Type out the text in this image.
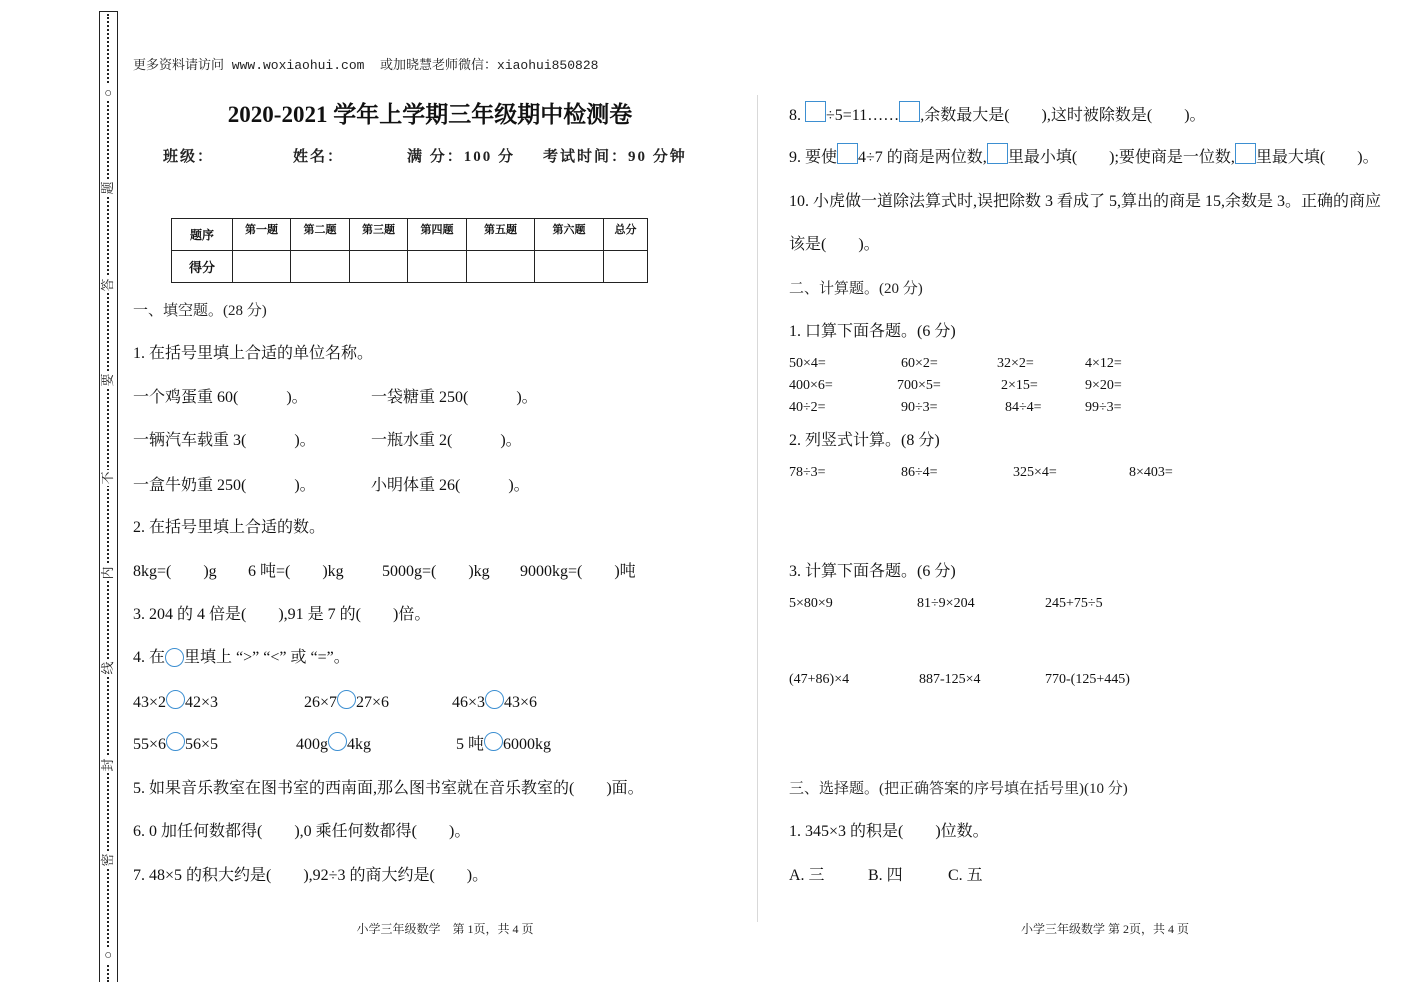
○
题
答
要
不
内
线
封
密
○
更多资料请访问 www.woxiaohui.com  或加晓慧老师微信：xiaohui850828
2020-2021 学年上学期三年级期中检测卷
班级：	姓名：	满 分：100 分 考试时间：90 分钟
题序	第一题	第二题	第三题	第四题	第五题	第六题	总分
得分							
一、填空题。(28 分)
1. 在括号里填上合适的单位名称。
一个鸡蛋重 60(   )。	一袋糖重 250(   )。
一辆汽车载重 3(   )。	一瓶水重 2(   )。
一盒牛奶重 250(   )。	小明体重 26(   )。
2. 在括号里填上合适的数。
8kg=(  )g 6 吨=(  )kg 5000g=(  )kg 9000kg=(  )吨
3. 204 的 4 倍是(  ),91 是 7 的(  )倍。
4. 在 里填上 “>” “<” 或 “=”。
43×2 42×3	26×7 27×6	46×3 43×6
55×6 56×5	400g 4kg	5 吨 6000kg
5. 如果音乐教室在图书室的西南面,那么图书室就在音乐教室的(  )面。
6. 0 加任何数都得(  ),0 乘任何数都得(  )。
7. 48×5 的积大约是(  ),92÷3 的商大约是(  )。
小学三年级数学　第 1页，共 4 页
8. ÷5=11…… ,余数最大是(  ),这时被除数是(  )。
9. 要使 4÷7 的商是两位数, 里最小填(  );要使商是一位数, 里最大填(  )。
10. 小虎做一道除法算式时,误把除数 3 看成了 5,算出的商是 15,余数是 3。正确的商应
该是(  )。
二、计算题。(20 分)
1. 口算下面各题。(6 分)
50×4=	60×2=	32×2=	4×12=
400×6=	700×5=	2×15=	9×20=
40÷2=	90÷3=	84÷4=	99÷3=
2. 列竖式计算。(8 分)
78÷3=	86÷4=	325×4=	8×403=
3. 计算下面各题。(6 分)
5×80×9	81÷9×204	245+75÷5
(47+86)×4	887-125×4	770-(125+445)
三、选择题。(把正确答案的序号填在括号里)(10 分)
1. 345×3 的积是(  )位数。
A. 三	B. 四	C. 五
小学三年级数学 第 2页，共 4 页
